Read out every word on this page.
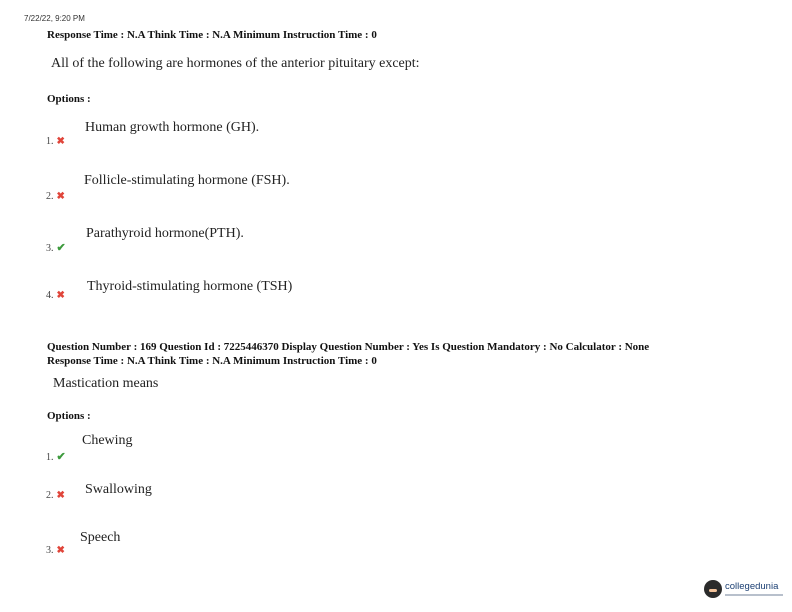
7/22/22, 9:20 PM
Response Time : N.A Think Time : N.A Minimum Instruction Time : 0
All of the following are hormones of the anterior pituitary except:
Options :
Human growth hormone (GH).
1. ✖
Follicle-stimulating hormone (FSH).
2. ✖
Parathyroid hormone(PTH).
3. ✔
Thyroid-stimulating hormone (TSH)
4. ✖
Question Number : 169 Question Id : 7225446370 Display Question Number : Yes Is Question Mandatory : No Calculator : None
Response Time : N.A Think Time : N.A Minimum Instruction Time : 0
Mastication means
Options :
Chewing
1. ✔
Swallowing
2. ✖
Speech
3. ✖
collegedunia
